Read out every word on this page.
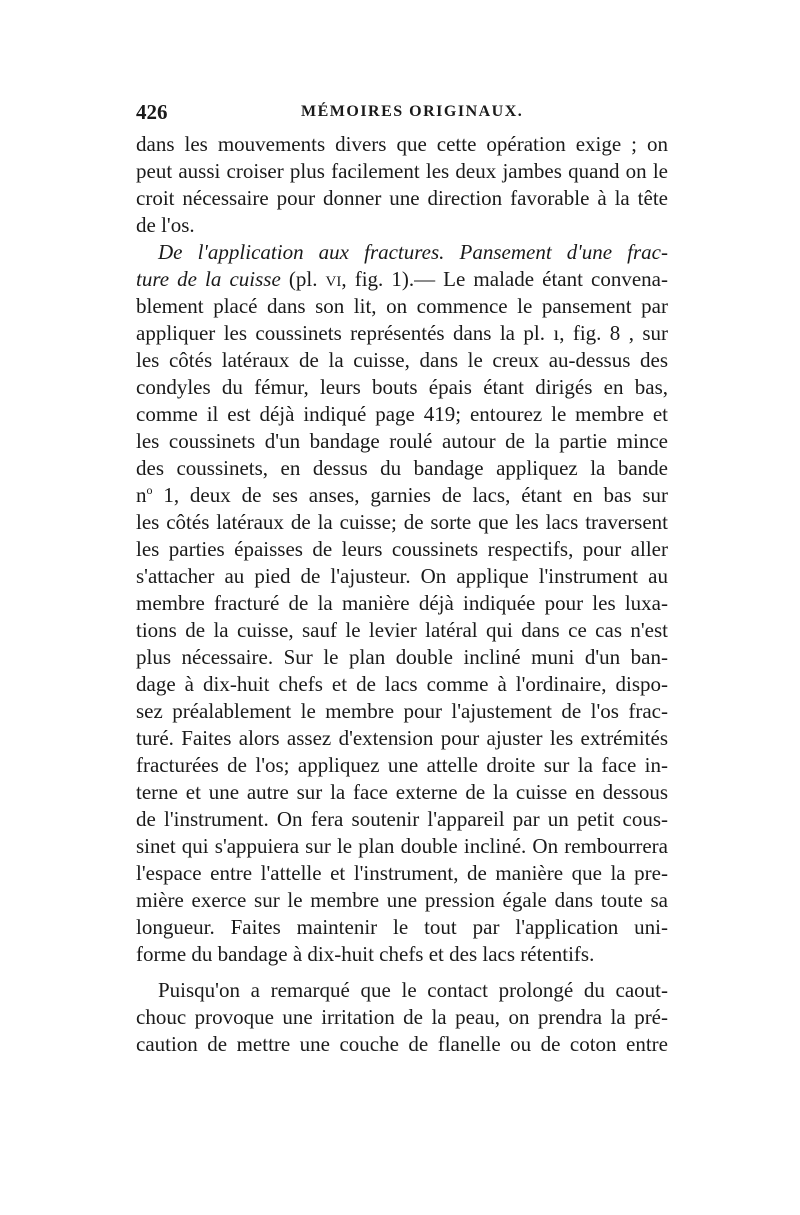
426	MÉMOIRES ORIGINAUX.
dans les mouvements divers que cette opération exige ; on
peut aussi croiser plus facilement les deux jambes quand on le
croit nécessaire pour donner une direction favorable à la tête
de l'os.
De l'application aux fractures. Pansement d'une frac-
ture de la cuisse (pl. vi, fig. 1).— Le malade étant convena-
blement placé dans son lit, on commence le pansement par
appliquer les coussinets représentés dans la pl. ı, fig. 8 , sur
les côtés latéraux de la cuisse, dans le creux au-dessus des
condyles du fémur, leurs bouts épais étant dirigés en bas,
comme il est déjà indiqué page 419; entourez le membre et
les coussinets d'un bandage roulé autour de la partie mince
des coussinets, en dessus du bandage appliquez la bande
$n^o$ 1, deux de ses anses, garnies de lacs, étant en bas sur
les côtés latéraux de la cuisse; de sorte que les lacs traversent
les parties épaisses de leurs coussinets respectifs, pour aller
s'attacher au pied de l'ajusteur. On applique l'instrument au
membre fracturé de la manière déjà indiquée pour les luxa-
tions de la cuisse, sauf le levier latéral qui dans ce cas n'est
plus nécessaire. Sur le plan double incliné muni d'un ban-
dage à dix-huit chefs et de lacs comme à l'ordinaire, dispo-
sez préalablement le membre pour l'ajustement de l'os frac-
turé. Faites alors assez d'extension pour ajuster les extrémités
fracturées de l'os; appliquez une attelle droite sur la face in-
terne et une autre sur la face externe de la cuisse en dessous
de l'instrument. On fera soutenir l'appareil par un petit cous-
sinet qui s'appuiera sur le plan double incliné. On rembourrera
l'espace entre l'attelle et l'instrument, de manière que la pre-
mière exerce sur le membre une pression égale dans toute sa
longueur. Faites maintenir le tout par l'application uni-
forme du bandage à dix-huit chefs et des lacs rétentifs.
Puisqu'on a remarqué que le contact prolongé du caout-
chouc provoque une irritation de la peau, on prendra la pré-
caution de mettre une couche de flanelle ou de coton entre
